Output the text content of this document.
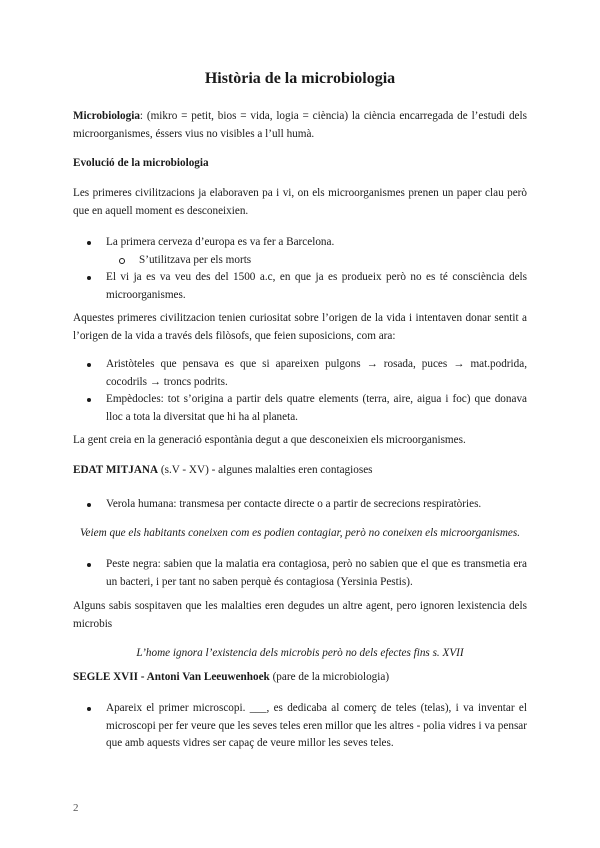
Història de la microbiologia

Microbiologia: (mikro = petit, bios = vida, logia = ciència) la ciència encarregada de l’estudi dels microorganismes, éssers vius no visibles a l’ull humà.

Evolució de la microbiologia

Les primeres civilitzacions ja elaboraven pa i vi, on els microorganismes prenen un paper clau però que en aquell moment es desconeixien.

La primera cerveza d’europa es va fer a Barcelona.
S’utilitzava per els morts
El vi ja es va veu des del 1500 a.c, en que ja es produeix però no es té consciència dels microorganismes.

Aquestes primeres civilitzacion tenien curiositat sobre l’origen de la vida i intentaven donar sentit a l’origen de la vida a través dels filòsofs, que feien suposicions, com ara:

Aristòteles que pensava es que si apareixen pulgons → rosada, puces → mat.podrida, cocodrils → troncs podrits.
Empèdocles: tot s’origina a partir dels quatre elements (terra, aire, aigua i foc) que donava lloc a tota la diversitat que hi ha al planeta.

La gent creia en la generació espontània degut a que desconeixien els microorganismes.

EDAT MITJANA (s.V - XV) - algunes malalties eren contagioses

Verola humana: transmesa per contacte directe o a partir de secrecions respiratòries.

Veiem que els habitants coneixen com es podien contagiar, però no coneixen els microorganismes.

Peste negra: sabien que la malatia era contagiosa, però no sabien que el que es transmetia era un bacteri, i per tant no saben perquè és contagiosa (Yersinia Pestis).

Alguns sabis sospitaven que les malalties eren degudes un altre agent, pero ignoren lexistencia dels microbis

L’home ignora l’existencia dels microbis però no dels efectes fins s. XVII

SEGLE XVII - Antoni Van Leeuwenhoek (pare de la microbiologia)

Apareix el primer microscopi. ___, es dedicaba al comerç de teles (telas), i va inventar el microscopi per fer veure que les seves teles eren millor que les altres - polia vidres i va pensar que amb aquests vidres ser capaç de veure millor les seves teles.
2
